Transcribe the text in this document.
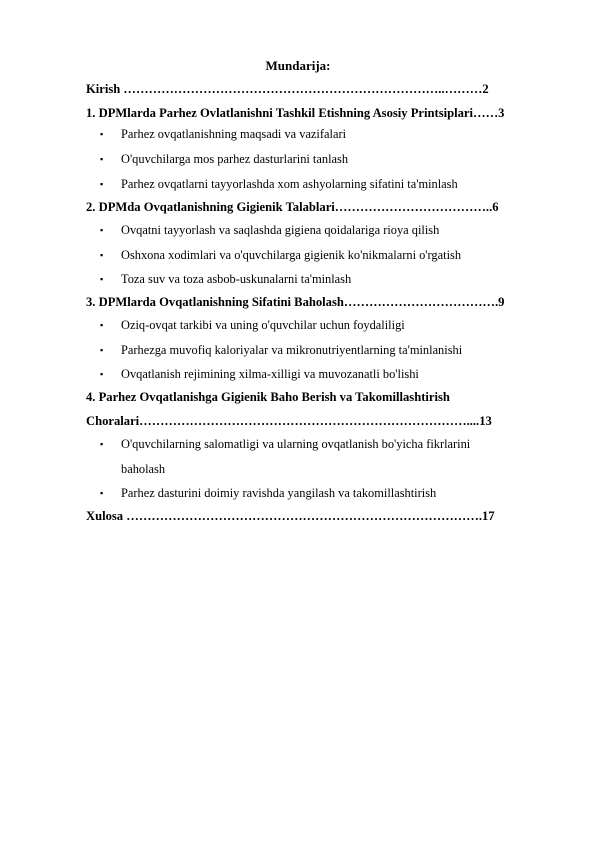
Mundarija:
Kirish …………………………………………………………………..………2
1. DPMlarda Parhez Ovlatlanishni Tashkil Etishning Asosiy Printsiplari……3
▪ Parhez ovqatlanishning maqsadi va vazifalari
▪ O'quvchilarga mos parhez dasturlarini tanlash
▪ Parhez ovqatlarni tayyorlashda xom ashyolarning sifatini ta'minlash
2. DPMda Ovqatlanishning Gigienik Talablari………………………………..6
▪ Ovqatni tayyorlash va saqlashda gigiena qoidalariga rioya qilish
▪ Oshxona xodimlari va o'quvchilarga gigienik ko'nikmalarni o'rgatish
▪ Toza suv va toza asbob-uskunalarni ta'minlash
3. DPMlarda Ovqatlanishning Sifatini Baholash……………………………….9
▪ Oziq-ovqat tarkibi va uning o'quvchilar uchun foydaliligi
▪ Parhezga muvofiq kaloriyalar va mikronutriyentlarning ta'minlanishi
▪ Ovqatlanish rejimining xilma-xilligi va muvozanatli bo'lishi
4. Parhez Ovqatlanishga Gigienik Baho Berish va Takomillashtirish
Choralari……………………………………………………………………....13
▪ O'quvchilarning salomatligi va ularning ovqatlanish bo'yicha fikrlarini
baholash
▪ Parhez dasturini doimiy ravishda yangilash va takomillashtirish
Xulosa ………………………………………………………………………….17
